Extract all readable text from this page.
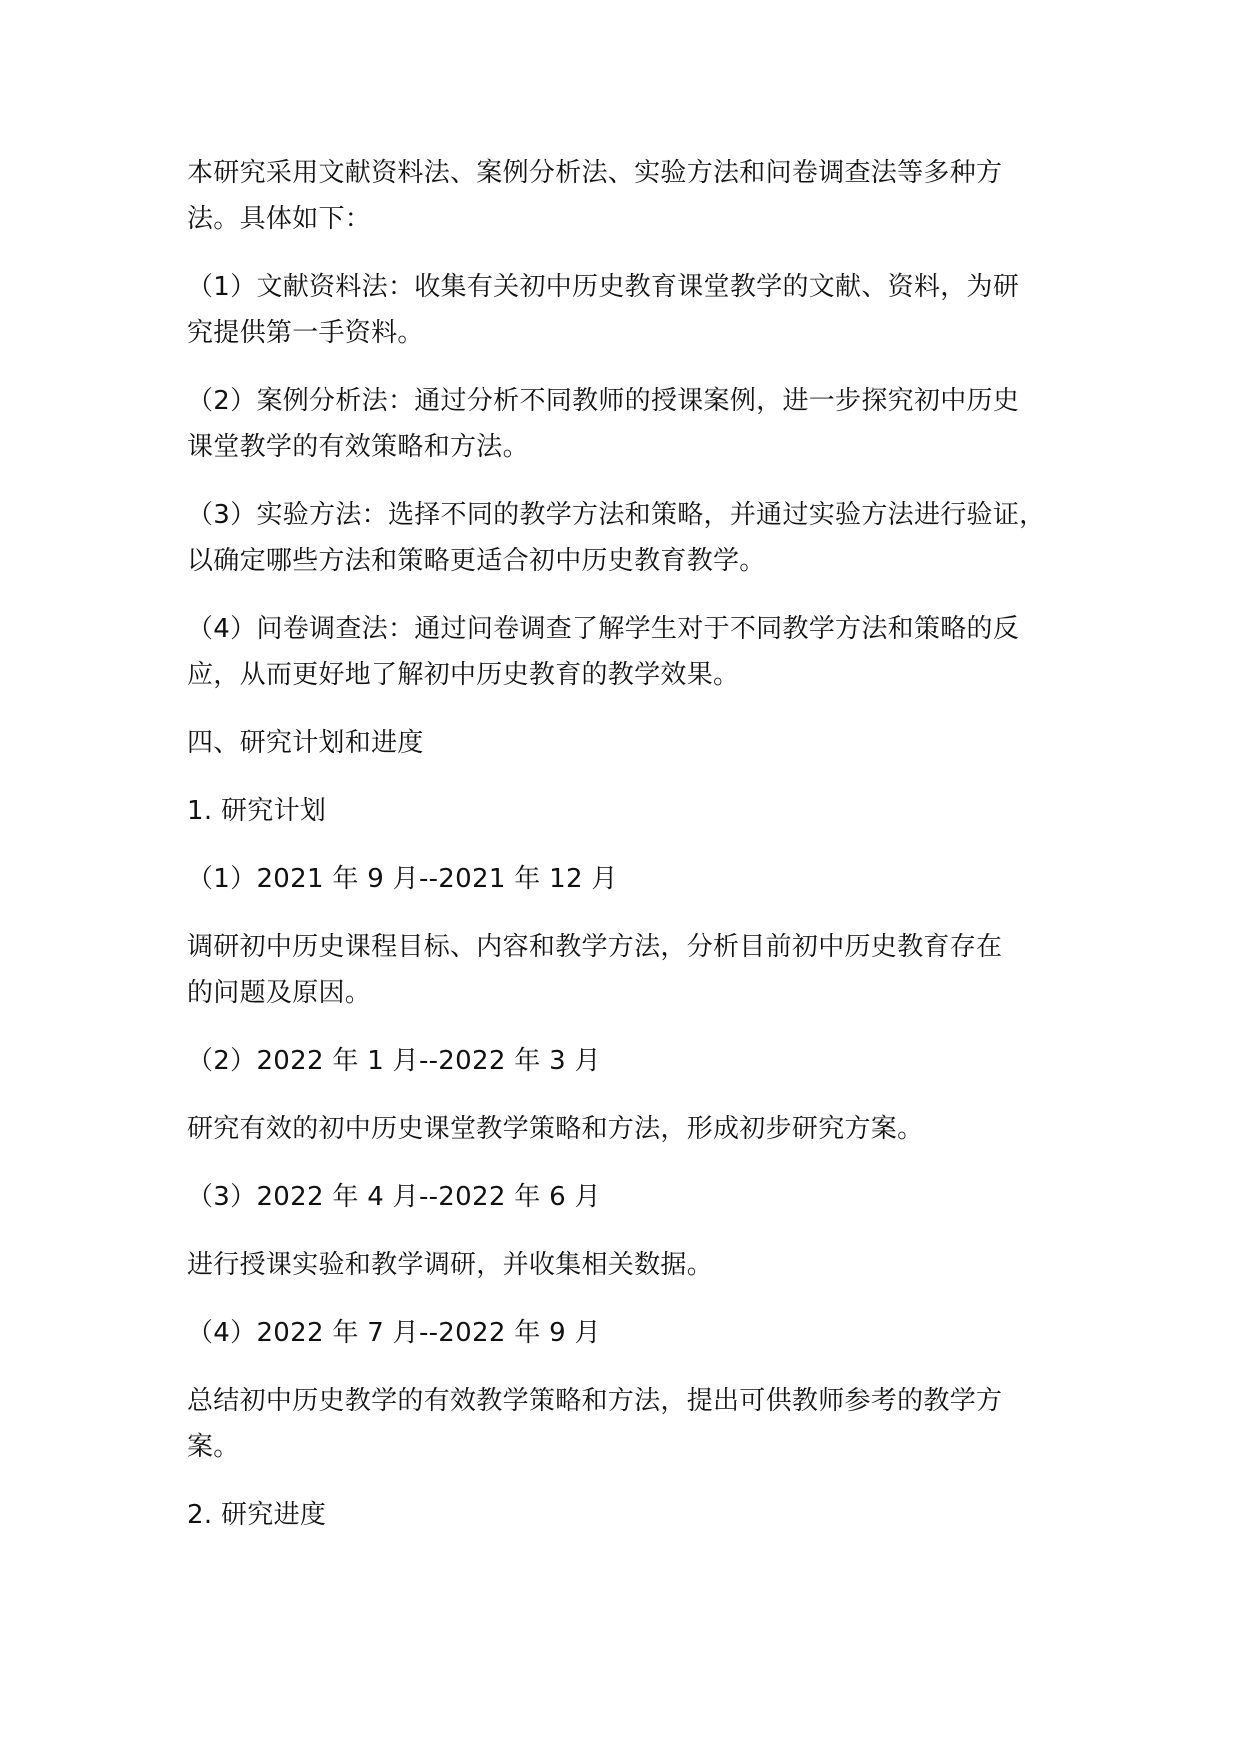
本研究采用文献资料法、案例分析法、实验方法和问卷调查法等多种方
法。具体如下：

（1）文献资料法：收集有关初中历史教育课堂教学的文献、资料，为研
究提供第一手资料。

（2）案例分析法：通过分析不同教师的授课案例，进一步探究初中历史
课堂教学的有效策略和方法。

（3）实验方法：选择不同的教学方法和策略，并通过实验方法进行验证，
以确定哪些方法和策略更适合初中历史教育教学。

（4）问卷调查法：通过问卷调查了解学生对于不同教学方法和策略的反
应，从而更好地了解初中历史教育的教学效果。

四、研究计划和进度

1. 研究计划

（1）2021 年 9 月--2021 年 12 月

调研初中历史课程目标、内容和教学方法，分析目前初中历史教育存在
的问题及原因。

（2）2022 年 1 月--2022 年 3 月

研究有效的初中历史课堂教学策略和方法，形成初步研究方案。

（3）2022 年 4 月--2022 年 6 月

进行授课实验和教学调研，并收集相关数据。

（4）2022 年 7 月--2022 年 9 月

总结初中历史教学的有效教学策略和方法，提出可供教师参考的教学方
案。

2. 研究进度
